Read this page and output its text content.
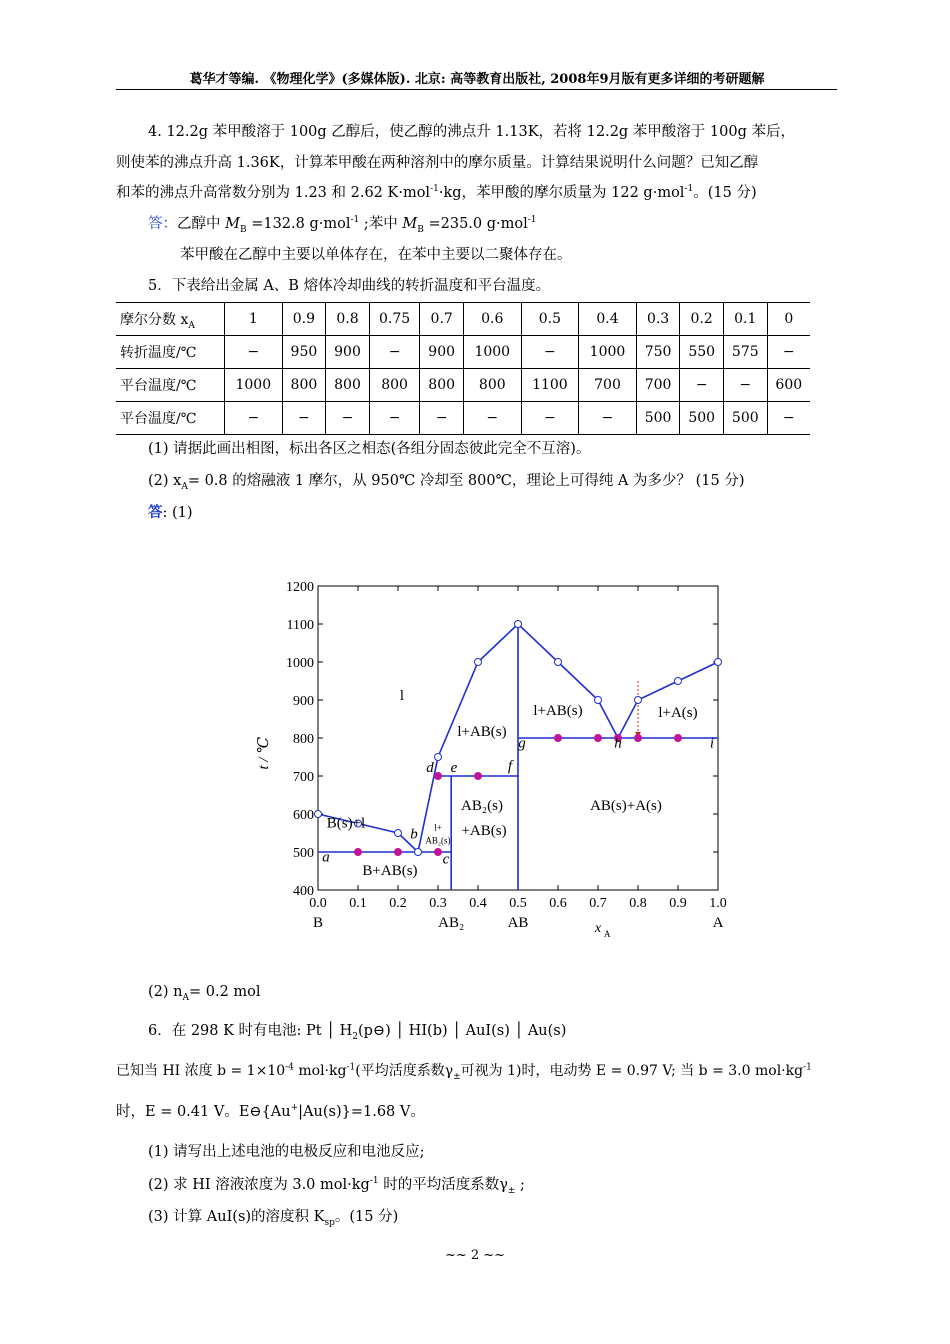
葛华才等编. 《物理化学》(多媒体版). 北京: 高等教育出版社, 2008年9月版有更多详细的考研题解
4. 12.2g 苯甲酸溶于 100g 乙醇后，使乙醇的沸点升 1.13K，若将 12.2g 苯甲酸溶于 100g 苯后，
则使苯的沸点升高 1.36K，计算苯甲酸在两种溶剂中的摩尔质量。计算结果说明什么问题？已知乙醇
和苯的沸点升高常数分别为 1.23 和 2.62 K·mol$^{-1}$·kg，苯甲酸的摩尔质量为 122 g·mol$^{-1}$。(15 分)
答：乙醇中 $M_B =132.8$ g·mol$^{-1}$ ;苯中 $M_B =235.0$ g·mol$^{-1}$
苯甲酸在乙醇中主要以单体存在，在苯中主要以二聚体存在。
5．下表给出金属 A、B 熔体冷却曲线的转折温度和平台温度。
摩尔分数 $x_A$	1	0.9	0.8	0.75	0.7	0.6	0.5	0.4	0.3	0.2	0.1	0
转折温度/℃	−	950	900	−	900	1000	−	1000	750	550	575	−
平台温度/℃	1000	800	800	800	800	800	1100	700	700	−	−	600
平台温度/℃	−	−	−	−	−	−	−	−	500	500	500	−
(1) 请据此画出相图，标出各区之相态(各组分固态彼此完全不互溶)。
(2) $x_A= 0.8$ 的熔融液 1 摩尔，从 950℃ 冷却至 800℃，理论上可得纯 A 为多少？ (15 分)
答: (1)
0.0 0.1 0.2 0.3 0.4 0.5 0.6 0.7 0.8 0.9 1.0
400
500
600
700
800
900
1000
1100
1200
B	AB₂	AB	A
x A
t / ℃
a
b
c
d e	f
g	h	i
l
l+AB(s)
l+AB(s)	l+A(s)
B(s)+l
B+AB(s)
AB₂(s)
+AB(s)
AB(s)+A(s)
l+
AB₂(s)
(2) $n_A= 0.2$ mol
6．在 298 K 时有电池: Pt │ $H_2(p⊖)$ │ HI(b) │ AuI(s) │ Au(s)
已知当 HI 浓度 $b = 1\times 10^{-4}$ $mol\cdot kg^{-1}$(平均活度系数$\gamma_\pm$可视为 1)时，电动势 E = 0.97 V; 当 b = 3.0 $mol\cdot kg^{-1}$
时，E = 0.41 V。E⊖{Au+|Au(s)}=1.68 V。
(1) 请写出上述电池的电极反应和电池反应;
(2) 求 HI 溶液浓度为 3.0 $mol\cdot kg^{-1}$ 时的平均活度系数$\gamma_\pm$ ;
(3) 计算 AuI(s)的溶度积 $K_{sp}$。(15 分)
~~ 2 ~~
